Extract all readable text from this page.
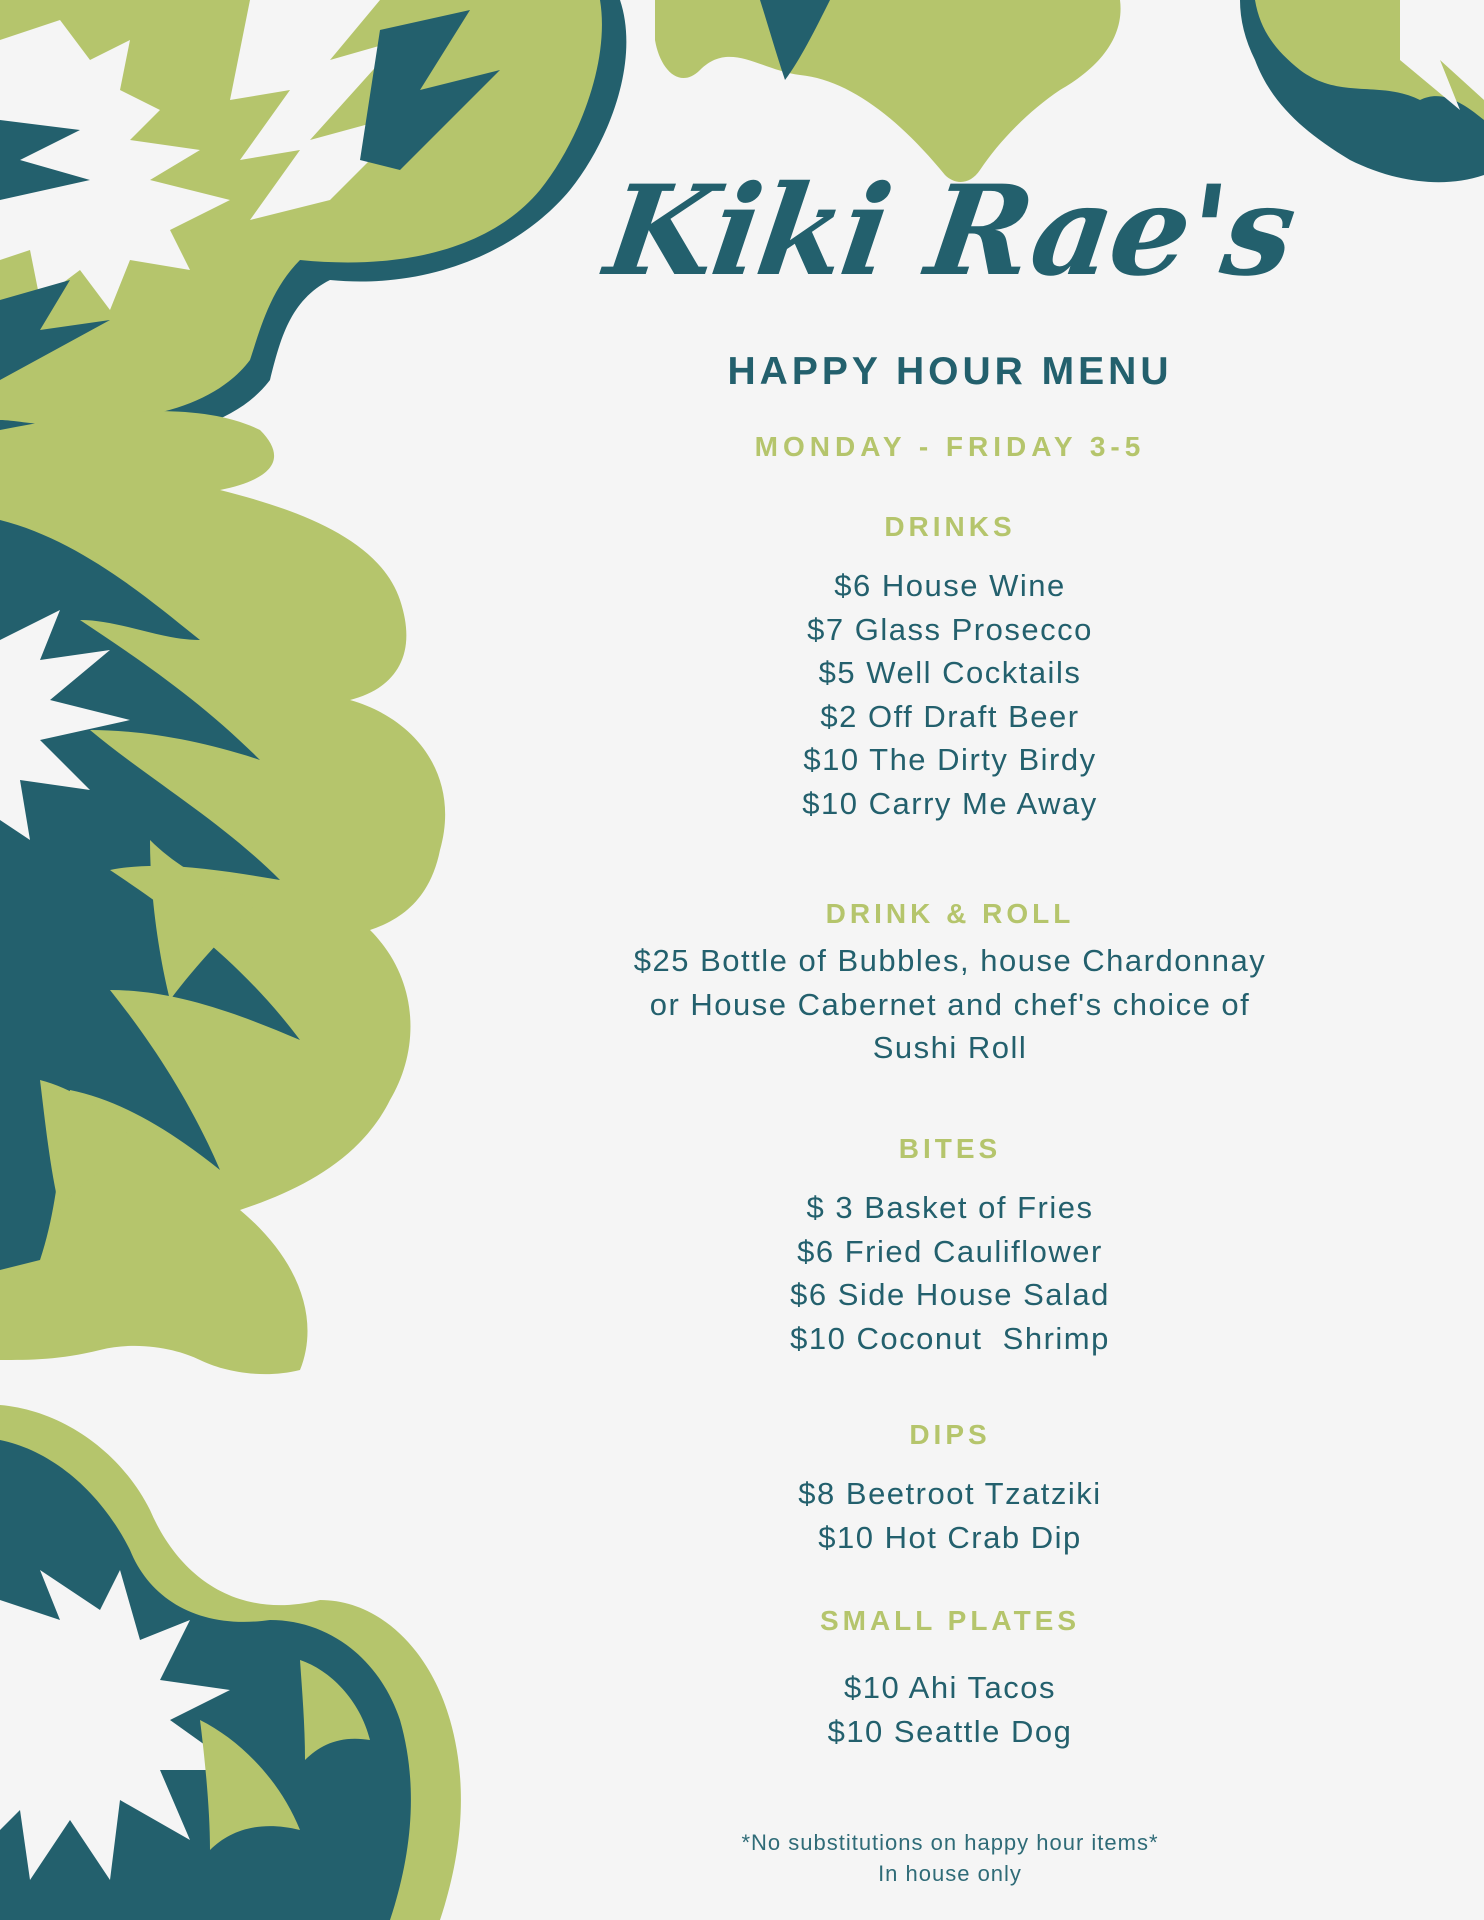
Kiki Rae's
HAPPY HOUR MENU
MONDAY - FRIDAY 3-5
DRINKS
$6 House Wine
$7 Glass Prosecco
$5 Well Cocktails
$2 Off Draft Beer
$10 The Dirty Birdy
$10 Carry Me Away
DRINK & ROLL
$25 Bottle of Bubbles, house Chardonnay
or House Cabernet and chef's choice of
Sushi Roll
BITES
$ 3 Basket of Fries
$6 Fried Cauliflower
$6 Side House Salad
$10 Coconut  Shrimp
DIPS
$8 Beetroot Tzatziki
$10 Hot Crab Dip
SMALL PLATES
$10 Ahi Tacos
$10 Seattle Dog
*No substitutions on happy hour items*
In house only
